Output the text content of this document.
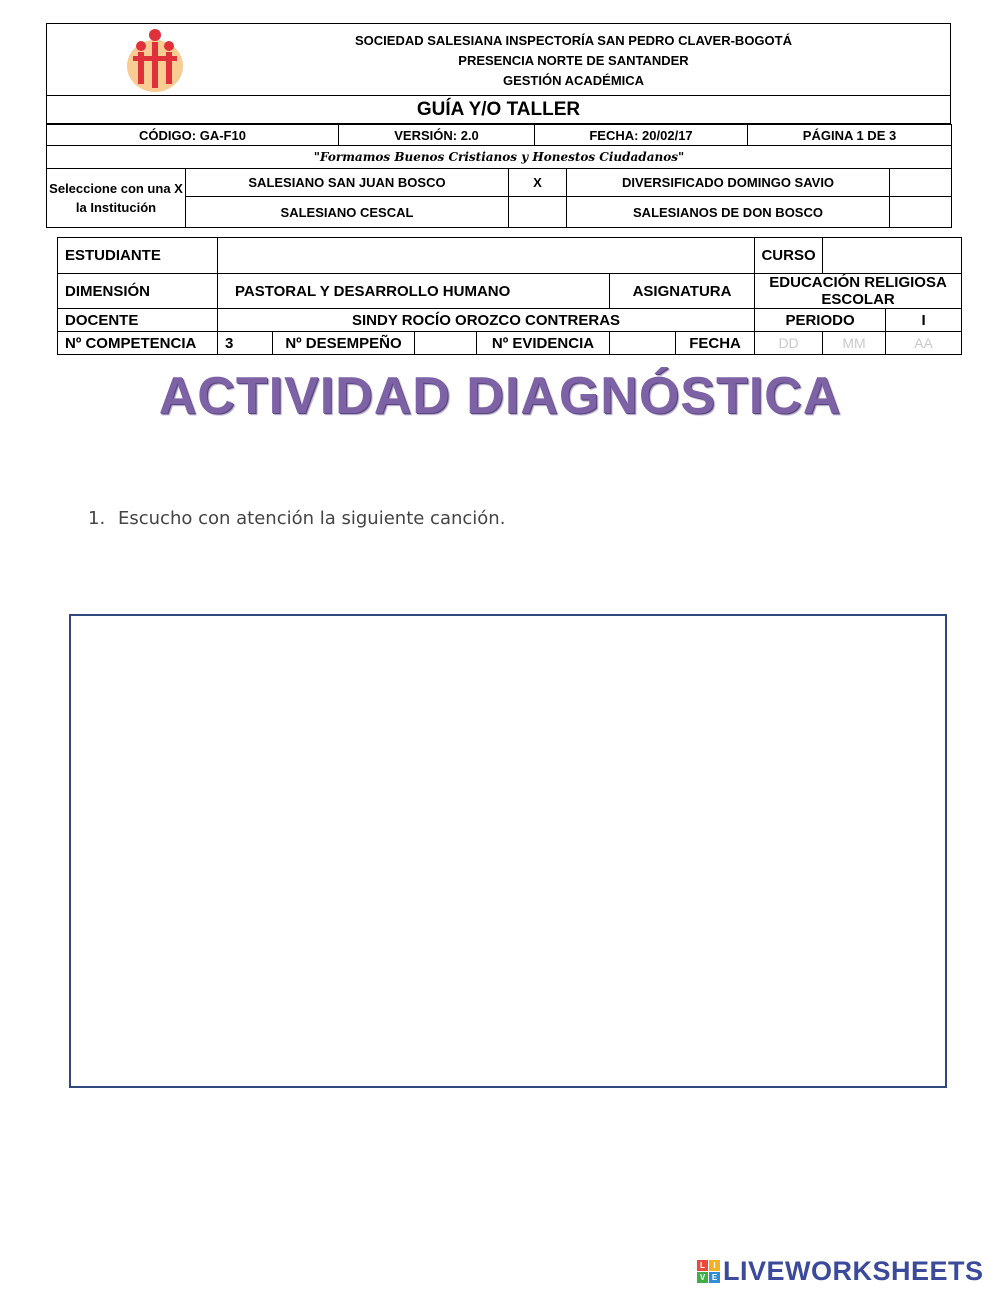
SOCIEDAD SALESIANA INSPECTORÍA SAN PEDRO CLAVER-BOGOTÁ
PRESENCIA NORTE DE SANTANDER
GESTIÓN ACADÉMICA

GUÍA Y/O TALLER
CÓDIGO: GA-F10	VERSIÓN: 2.0	FECHA: 20/02/17	PÁGINA 1 DE 3
"Formamos Buenos Cristianos y Honestos Ciudadanos"
Seleccione con una X la Institución	SALESIANO SAN JUAN BOSCO	X	DIVERSIFICADO DOMINGO SAVIO	
	SALESIANO CESCAL		SALESIANOS DE DON BOSCO	
ESTUDIANTE							CURSO		
DIMENSIÓN	PASTORAL Y DESARROLLO HUMANO				ASIGNATURA		EDUCACIÓN RELIGIOSA ESCOLAR		
DOCENTE	SINDY ROCÍO OROZCO CONTRERAS						PERIODO		I
Nº COMPETENCIA	3	Nº DESEMPEÑO		Nº EVIDENCIA		FECHA	DD	MM	AA
ACTIVIDAD DIAGNÓSTICA
1. Escucho con atención la siguiente canción.
L	I
V E LIVEWORKSHEETS
